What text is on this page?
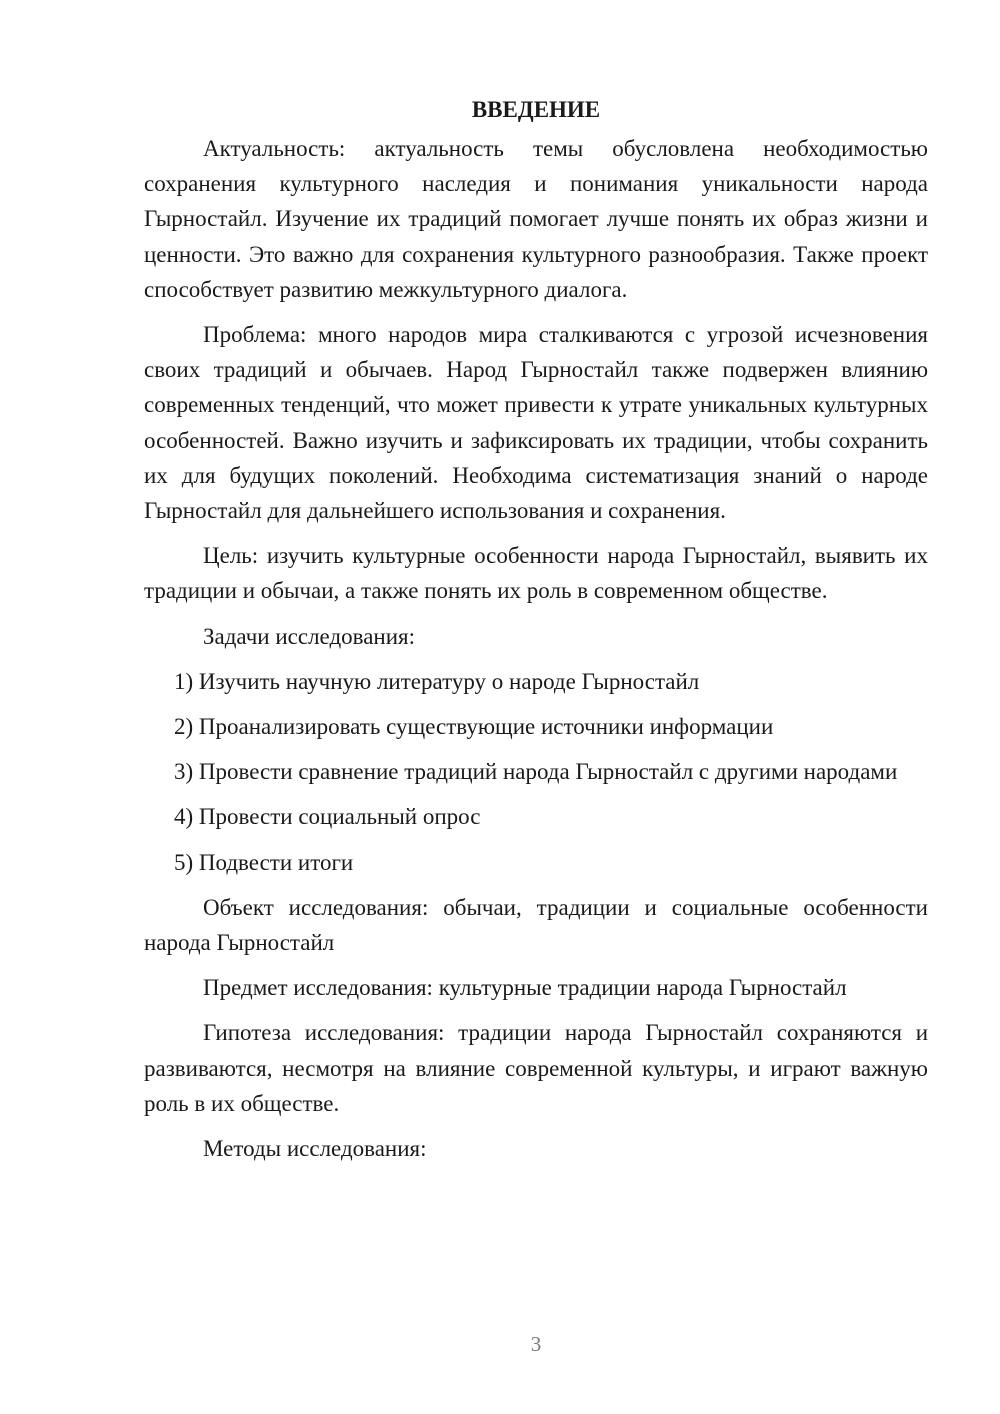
ВВЕДЕНИЕ

Актуальность: актуальность темы обусловлена необходимостью сохранения культурного наследия и понимания уникальности народа Гырностайл. Изучение их традиций помогает лучше понять их образ жизни и ценности. Это важно для сохранения культурного разнообразия. Также проект способствует развитию межкультурного диалога.

Проблема: много народов мира сталкиваются с угрозой исчезновения своих традиций и обычаев. Народ Гырностайл также подвержен влиянию современных тенденций, что может привести к утрате уникальных культурных особенностей. Важно изучить и зафиксировать их традиции, чтобы сохранить их для будущих поколений. Необходима систематизация знаний о народе Гырностайл для дальнейшего использования и сохранения.

Цель: изучить культурные особенности народа Гырностайл, выявить их традиции и обычаи, а также понять их роль в современном обществе.

Задачи исследования:

1) Изучить научную литературу о народе Гырностайл

2) Проанализировать существующие источники информации

3) Провести сравнение традиций народа Гырностайл с другими народами

4) Провести социальный опрос

5) Подвести итоги

Объект исследования: обычаи, традиции и социальные особенности народа Гырностайл

Предмет исследования: культурные традиции народа Гырностайл

Гипотеза исследования: традиции народа Гырностайл сохраняются и развиваются, несмотря на влияние современной культуры, и играют важную роль в их обществе.

Методы исследования:

3
